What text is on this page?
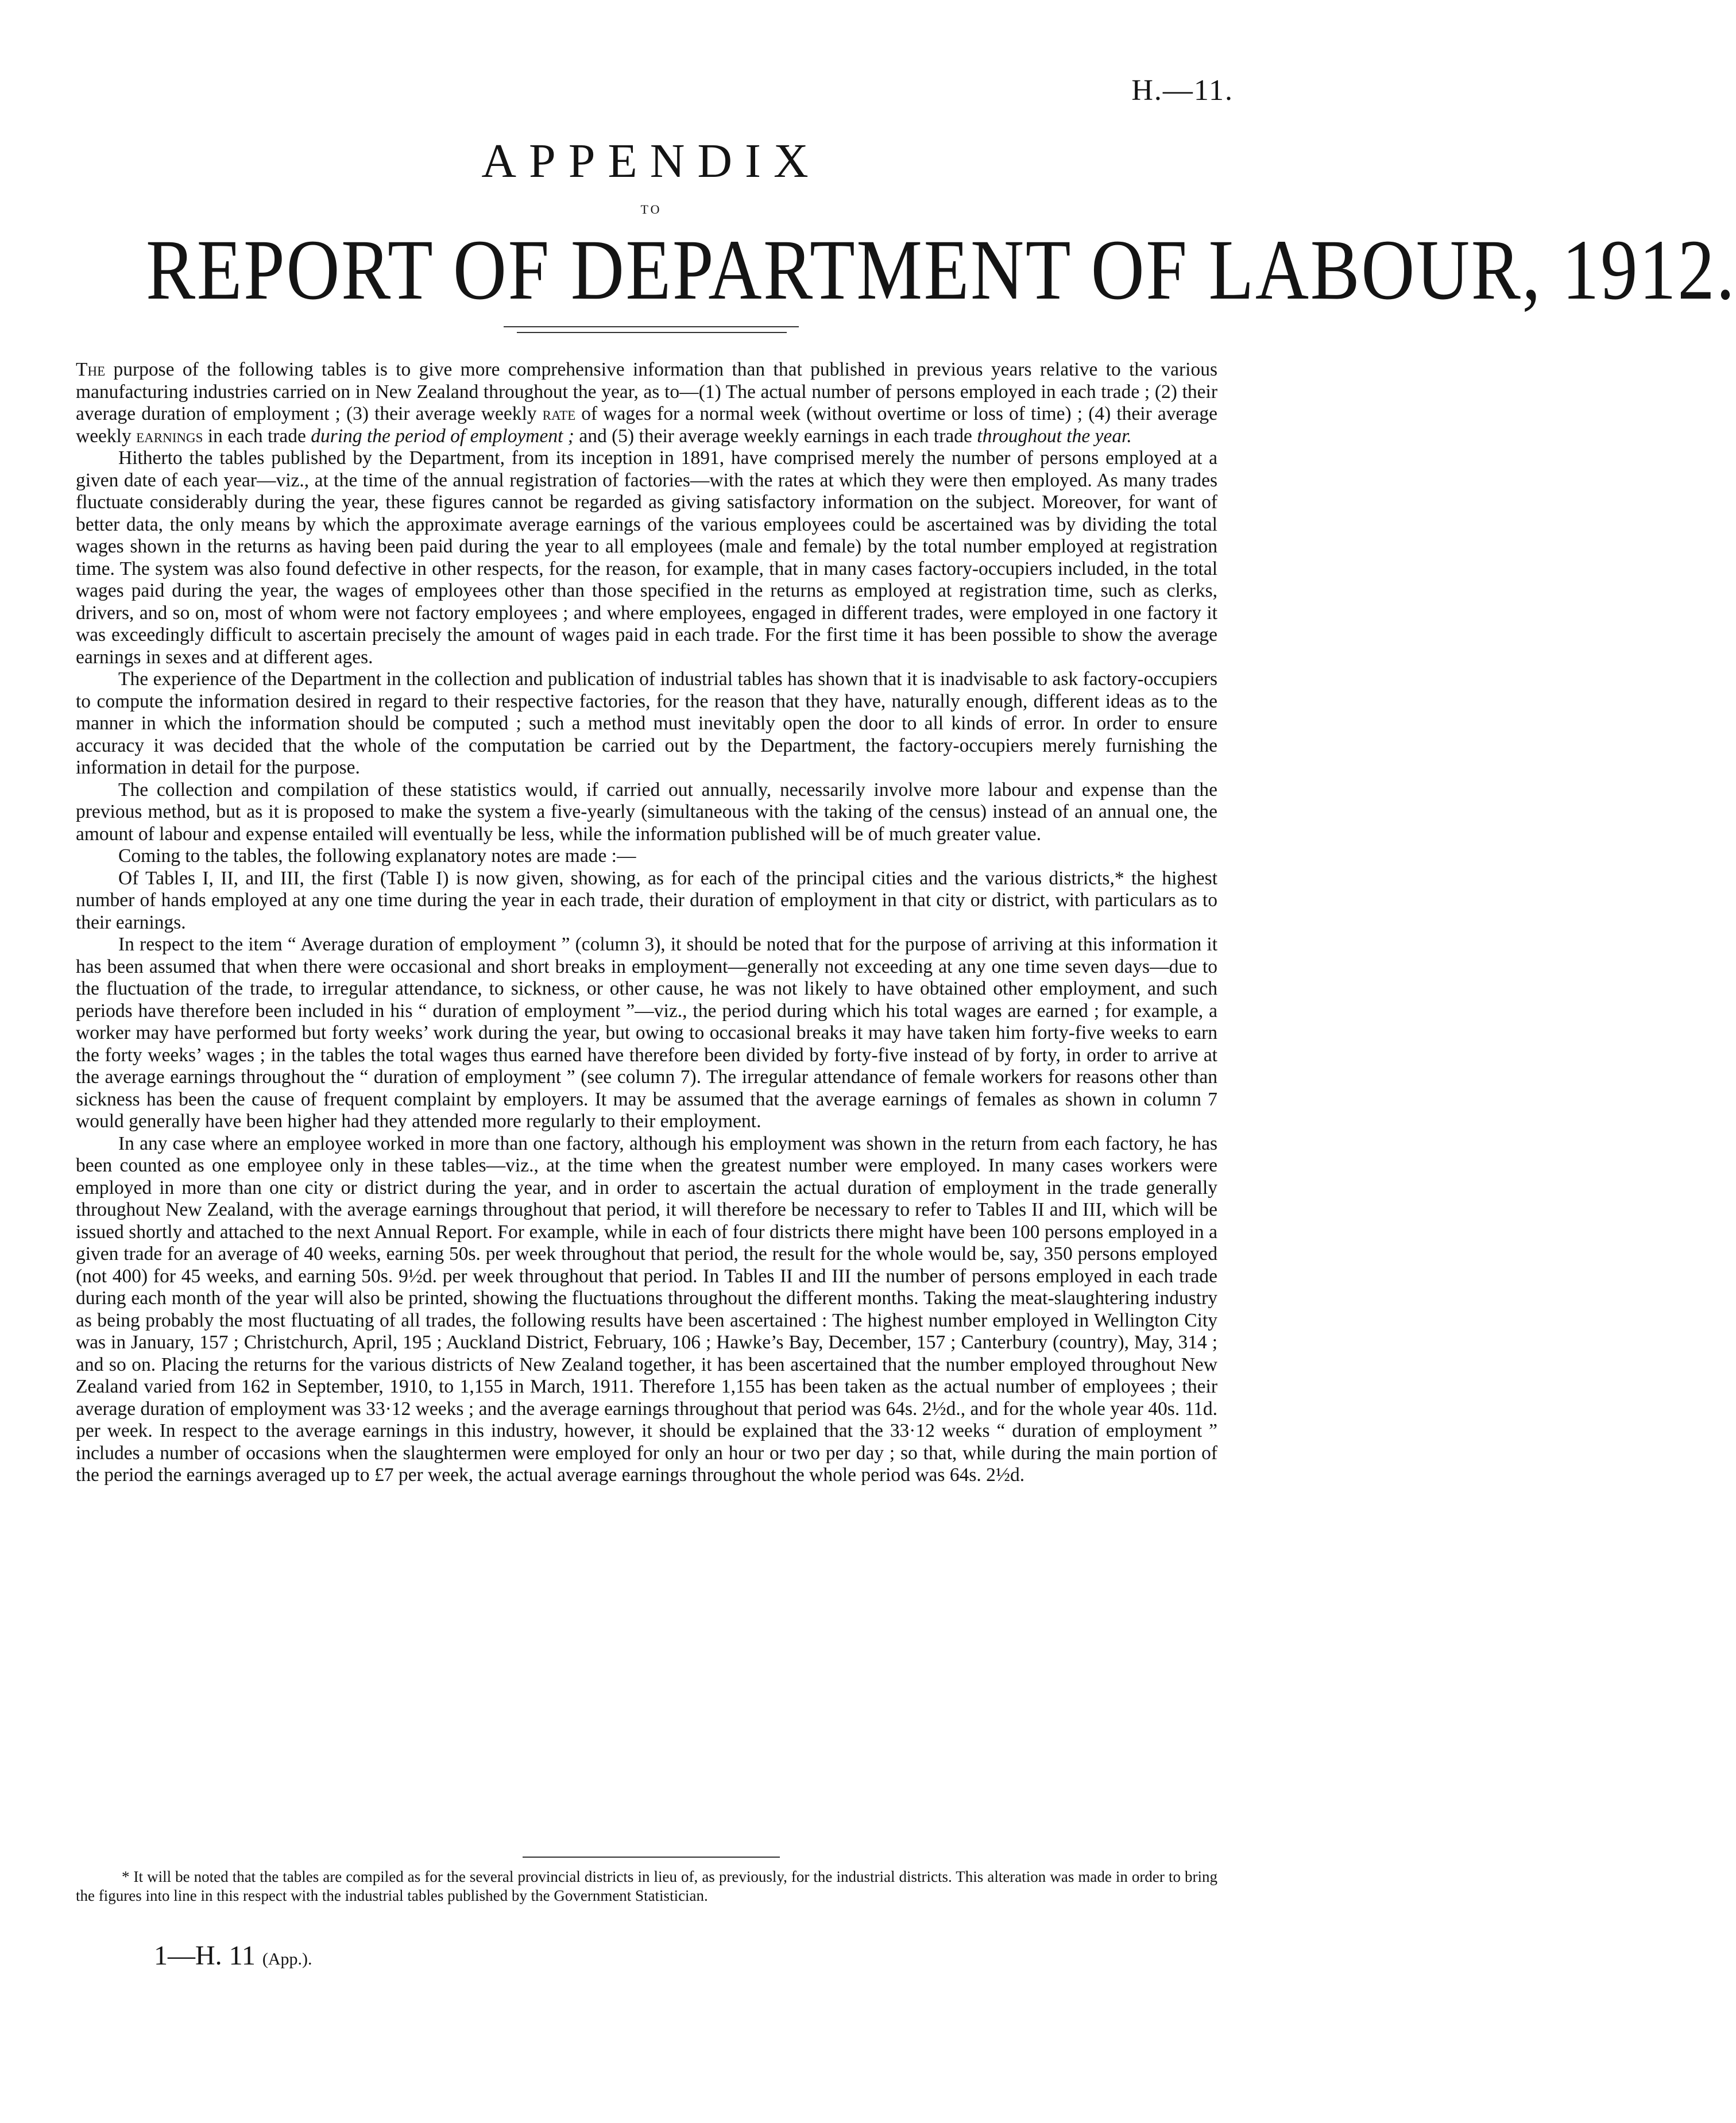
H.—11.
APPENDIX
TO
REPORT OF DEPARTMENT OF LABOUR, 1912.

The purpose of the following tables is to give more comprehensive information than that published in previous years relative to the various manufacturing industries carried on in New Zealand throughout the year, as to—(1) The actual number of persons employed in each trade ; (2) their average duration of employment ; (3) their average weekly rate of wages for a normal week (without overtime or loss of time) ; (4) their average weekly earnings in each trade during the period of employment ; and (5) their average weekly earnings in each trade throughout the year.

Hitherto the tables published by the Department, from its inception in 1891, have comprised merely the number of persons employed at a given date of each year—viz., at the time of the annual registration of factories—with the rates at which they were then employed. As many trades fluctuate considerably during the year, these figures cannot be regarded as giving satisfactory information on the subject. Moreover, for want of better data, the only means by which the approximate average earnings of the various employees could be ascertained was by dividing the total wages shown in the returns as having been paid during the year to all employees (male and female) by the total number employed at registration time. The system was also found defective in other respects, for the reason, for example, that in many cases factory-occupiers included, in the total wages paid during the year, the wages of employees other than those specified in the returns as employed at registration time, such as clerks, drivers, and so on, most of whom were not factory employees ; and where employees, engaged in different trades, were employed in one factory it was exceedingly difficult to ascertain precisely the amount of wages paid in each trade. For the first time it has been possible to show the average earnings in sexes and at different ages.

The experience of the Department in the collection and publication of industrial tables has shown that it is inadvisable to ask factory-occupiers to compute the information desired in regard to their respective factories, for the reason that they have, naturally enough, different ideas as to the manner in which the information should be computed ; such a method must inevitably open the door to all kinds of error. In order to ensure accuracy it was decided that the whole of the computation be carried out by the Department, the factory-occupiers merely furnishing the information in detail for the purpose.

The collection and compilation of these statistics would, if carried out annually, necessarily involve more labour and expense than the previous method, but as it is proposed to make the system a five-yearly (simultaneous with the taking of the census) instead of an annual one, the amount of labour and expense entailed will eventually be less, while the information published will be of much greater value.

Coming to the tables, the following explanatory notes are made :—

Of Tables I, II, and III, the first (Table I) is now given, showing, as for each of the principal cities and the various districts,* the highest number of hands employed at any one time during the year in each trade, their duration of employment in that city or district, with particulars as to their earnings.

In respect to the item “ Average duration of employment ” (column 3), it should be noted that for the purpose of arriving at this information it has been assumed that when there were occasional and short breaks in employment—generally not exceeding at any one time seven days—due to the fluctuation of the trade, to irregular attendance, to sickness, or other cause, he was not likely to have obtained other employment, and such periods have therefore been included in his “ duration of employment ”—viz., the period during which his total wages are earned ; for example, a worker may have performed but forty weeks’ work during the year, but owing to occasional breaks it may have taken him forty-five weeks to earn the forty weeks’ wages ; in the tables the total wages thus earned have therefore been divided by forty-five instead of by forty, in order to arrive at the average earnings throughout the “ duration of employment ” (see column 7). The irregular attendance of female workers for reasons other than sickness has been the cause of frequent complaint by employers. It may be assumed that the average earnings of females as shown in column 7 would generally have been higher had they attended more regularly to their employment.

In any case where an employee worked in more than one factory, although his employment was shown in the return from each factory, he has been counted as one employee only in these tables—viz., at the time when the greatest number were employed. In many cases workers were employed in more than one city or district during the year, and in order to ascertain the actual duration of employment in the trade generally throughout New Zealand, with the average earnings throughout that period, it will therefore be necessary to refer to Tables II and III, which will be issued shortly and attached to the next Annual Report. For example, while in each of four districts there might have been 100 persons employed in a given trade for an average of 40 weeks, earning 50s. per week throughout that period, the result for the whole would be, say, 350 persons employed (not 400) for 45 weeks, and earning 50s. 9½d. per week throughout that period. In Tables II and III the number of persons employed in each trade during each month of the year will also be printed, showing the fluctuations throughout the different months. Taking the meat-slaughtering industry as being probably the most fluctuating of all trades, the following results have been ascertained : The highest number employed in Wellington City was in January, 157 ; Christchurch, April, 195 ; Auckland District, February, 106 ; Hawke’s Bay, December, 157 ; Canterbury (country), May, 314 ; and so on. Placing the returns for the various districts of New Zealand together, it has been ascertained that the number employed throughout New Zealand varied from 162 in September, 1910, to 1,155 in March, 1911. Therefore 1,155 has been taken as the actual number of employees ; their average duration of employment was 33·12 weeks ; and the average earnings throughout that period was 64s. 2½d., and for the whole year 40s. 11d. per week. In respect to the average earnings in this industry, however, it should be explained that the 33·12 weeks “ duration of employment ” includes a number of occasions when the slaughtermen were employed for only an hour or two per day ; so that, while during the main portion of the period the earnings averaged up to £7 per week, the actual average earnings throughout the whole period was 64s. 2½d.

* It will be noted that the tables are compiled as for the several provincial districts in lieu of, as previously, for the industrial districts. This alteration was made in order to bring the figures into line in this respect with the industrial tables published by the Government Statistician.

1—H. 11 (App.).
